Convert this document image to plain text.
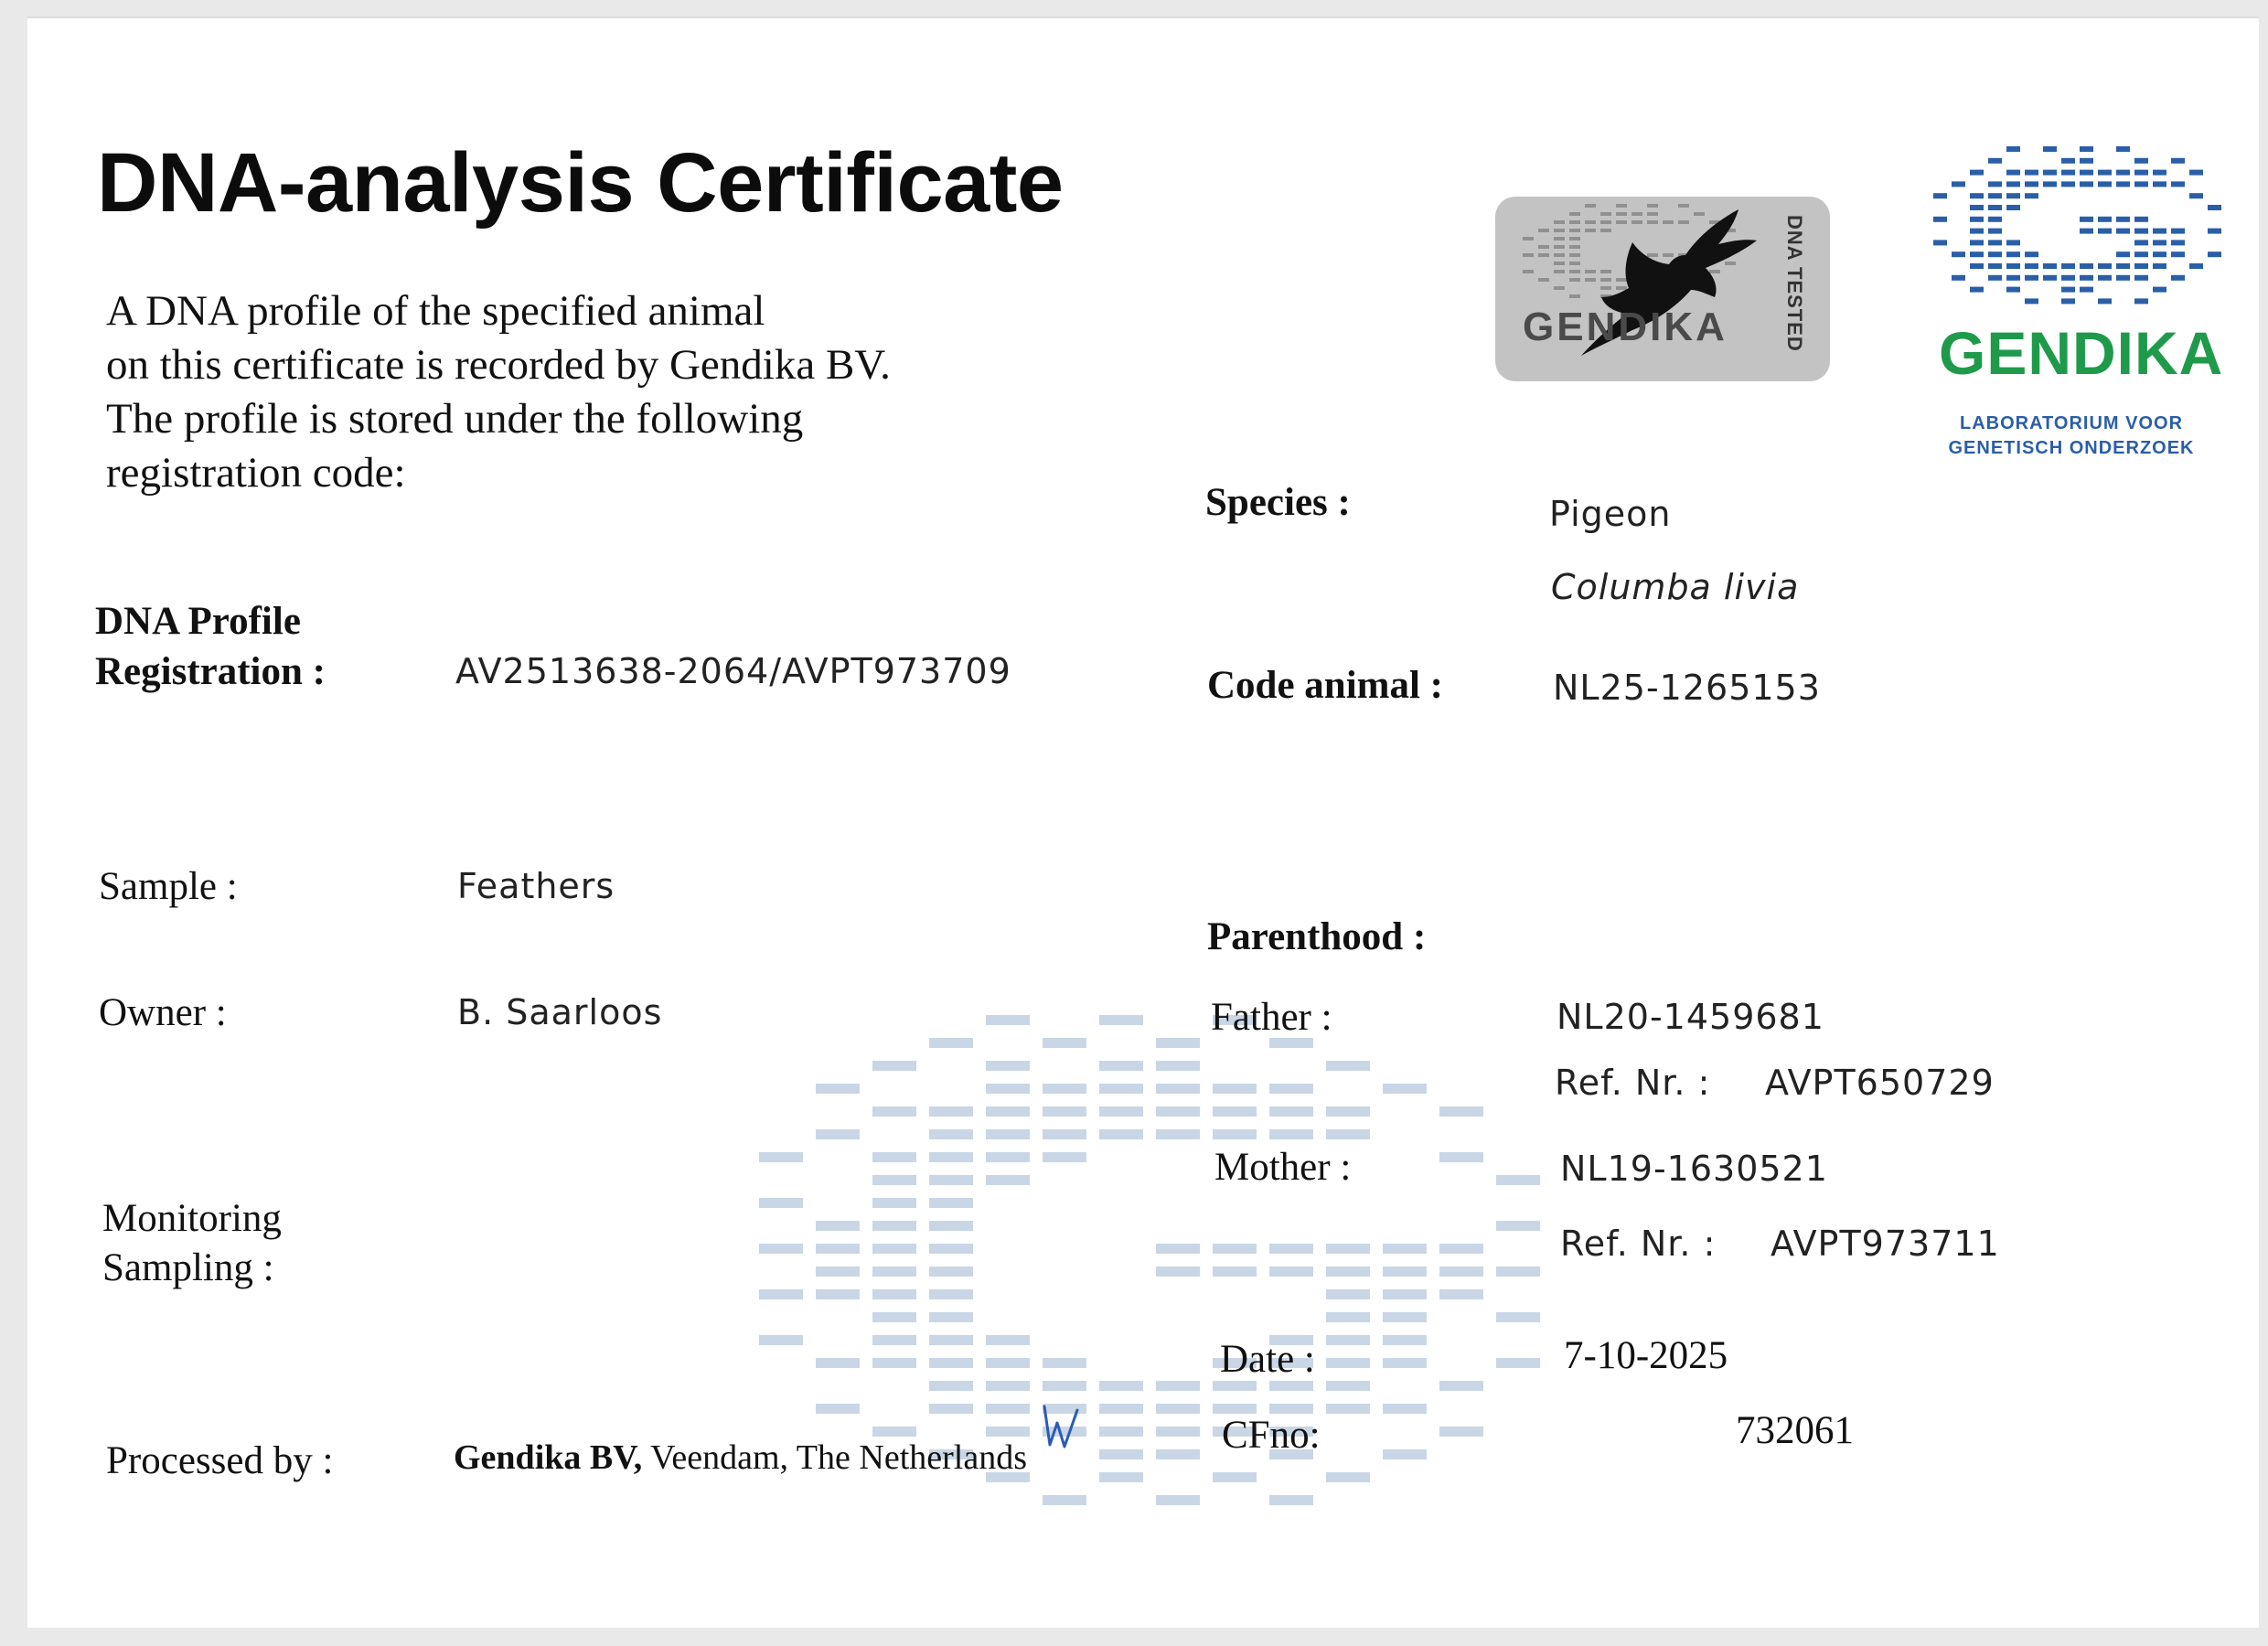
DNA-analysis Certificate
A DNA profile of the specified animal
on this certificate is recorded by Gendika BV.
The profile is stored under the following
registration code:
DNA Profile
Registration :	AV2513638-2064/AVPT973709
Sample :	Feathers
Owner :	B. Saarloos
Monitoring
Sampling :
Processed by :	Gendika BV, Veendam, The Netherlands
Species :	Pigeon
Columba livia
Code animal :	NL25-1265153
Parenthood :
Father :	NL20-1459681
Ref. Nr. : AVPT650729
Mother :	NL19-1630521
Ref. Nr. : AVPT973711
Date :	7-10-2025
CFno:	732061
GENDIKA	DNA TESTED
GENDIKA
LABORATORIUM VOOR
GENETISCH ONDERZOEK
